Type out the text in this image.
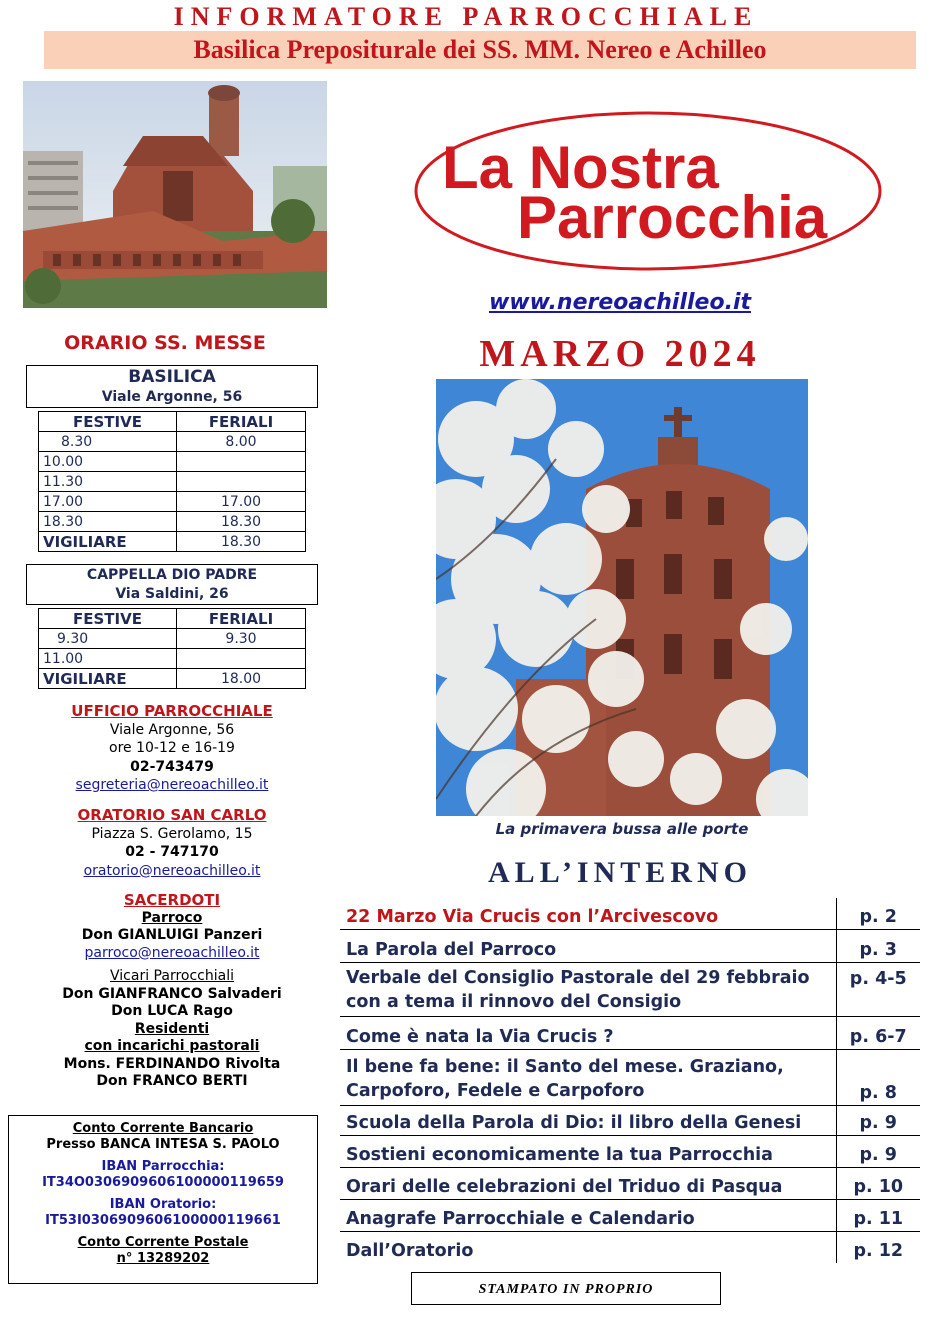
INFORMATORE PARROCCHIALE
Basilica Prepositurale dei SS. MM. Nereo e Achilleo
La Nostra
Parrocchia
www.nereoachilleo.it
ORARIO SS. MESSE	MARZO 2024
BASILICA
Viale Argonne, 56
FESTIVE	FERIALI
8.30	8.00
10.00	
11.30	
17.00	17.00
18.30	18.30
VIGILIARE	18.30
CAPPELLA DIO PADRE
Via Saldini, 26
FESTIVE	FERIALI
9.30	9.30
11.00	
VIGILIARE	18.00
UFFICIO PARROCCHIALE
Viale Argonne, 56
ore 10-12 e 16-19
02-743479
segreteria@nereoachilleo.it
ORATORIO SAN CARLO
Piazza S. Gerolamo, 15
02 - 747170
oratorio@nereoachilleo.it
SACERDOTI
Parroco
Don GIANLUIGI Panzeri
parroco@nereoachilleo.it
Vicari Parrocchiali
Don GIANFRANCO Salvaderi
Don LUCA Rago
Residenti
con incarichi pastorali
Mons. FERDINANDO Rivolta
Don FRANCO BERTI
Conto Corrente Bancario
Presso BANCA INTESA S. PAOLO
IBAN Parrocchia:
IT34O0306909606100000119659
IBAN Oratorio:
IT53I0306909606100000119661
Conto Corrente Postale
n° 13289202
La primavera bussa alle porte
ALL’INTERNO
22 Marzo Via Crucis con l’Arcivescovo	p. 2
La Parola del Parroco	p. 3
Verbale del Consiglio Pastorale del 29 febbraio con a tema il rinnovo del Consigio	p. 4-5
Come è nata la Via Crucis ?	p. 6-7
Il bene fa bene: il Santo del mese. Graziano, Carpoforo, Fedele e Carpoforo	p. 8
Scuola della Parola di Dio: il libro della Genesi	p. 9
Sostieni economicamente la tua Parrocchia	p. 9
Orari delle celebrazioni del Triduo di Pasqua	p. 10
Anagrafe Parrocchiale e Calendario	p. 11
Dall’Oratorio	p. 12
STAMPATO IN PROPRIO
